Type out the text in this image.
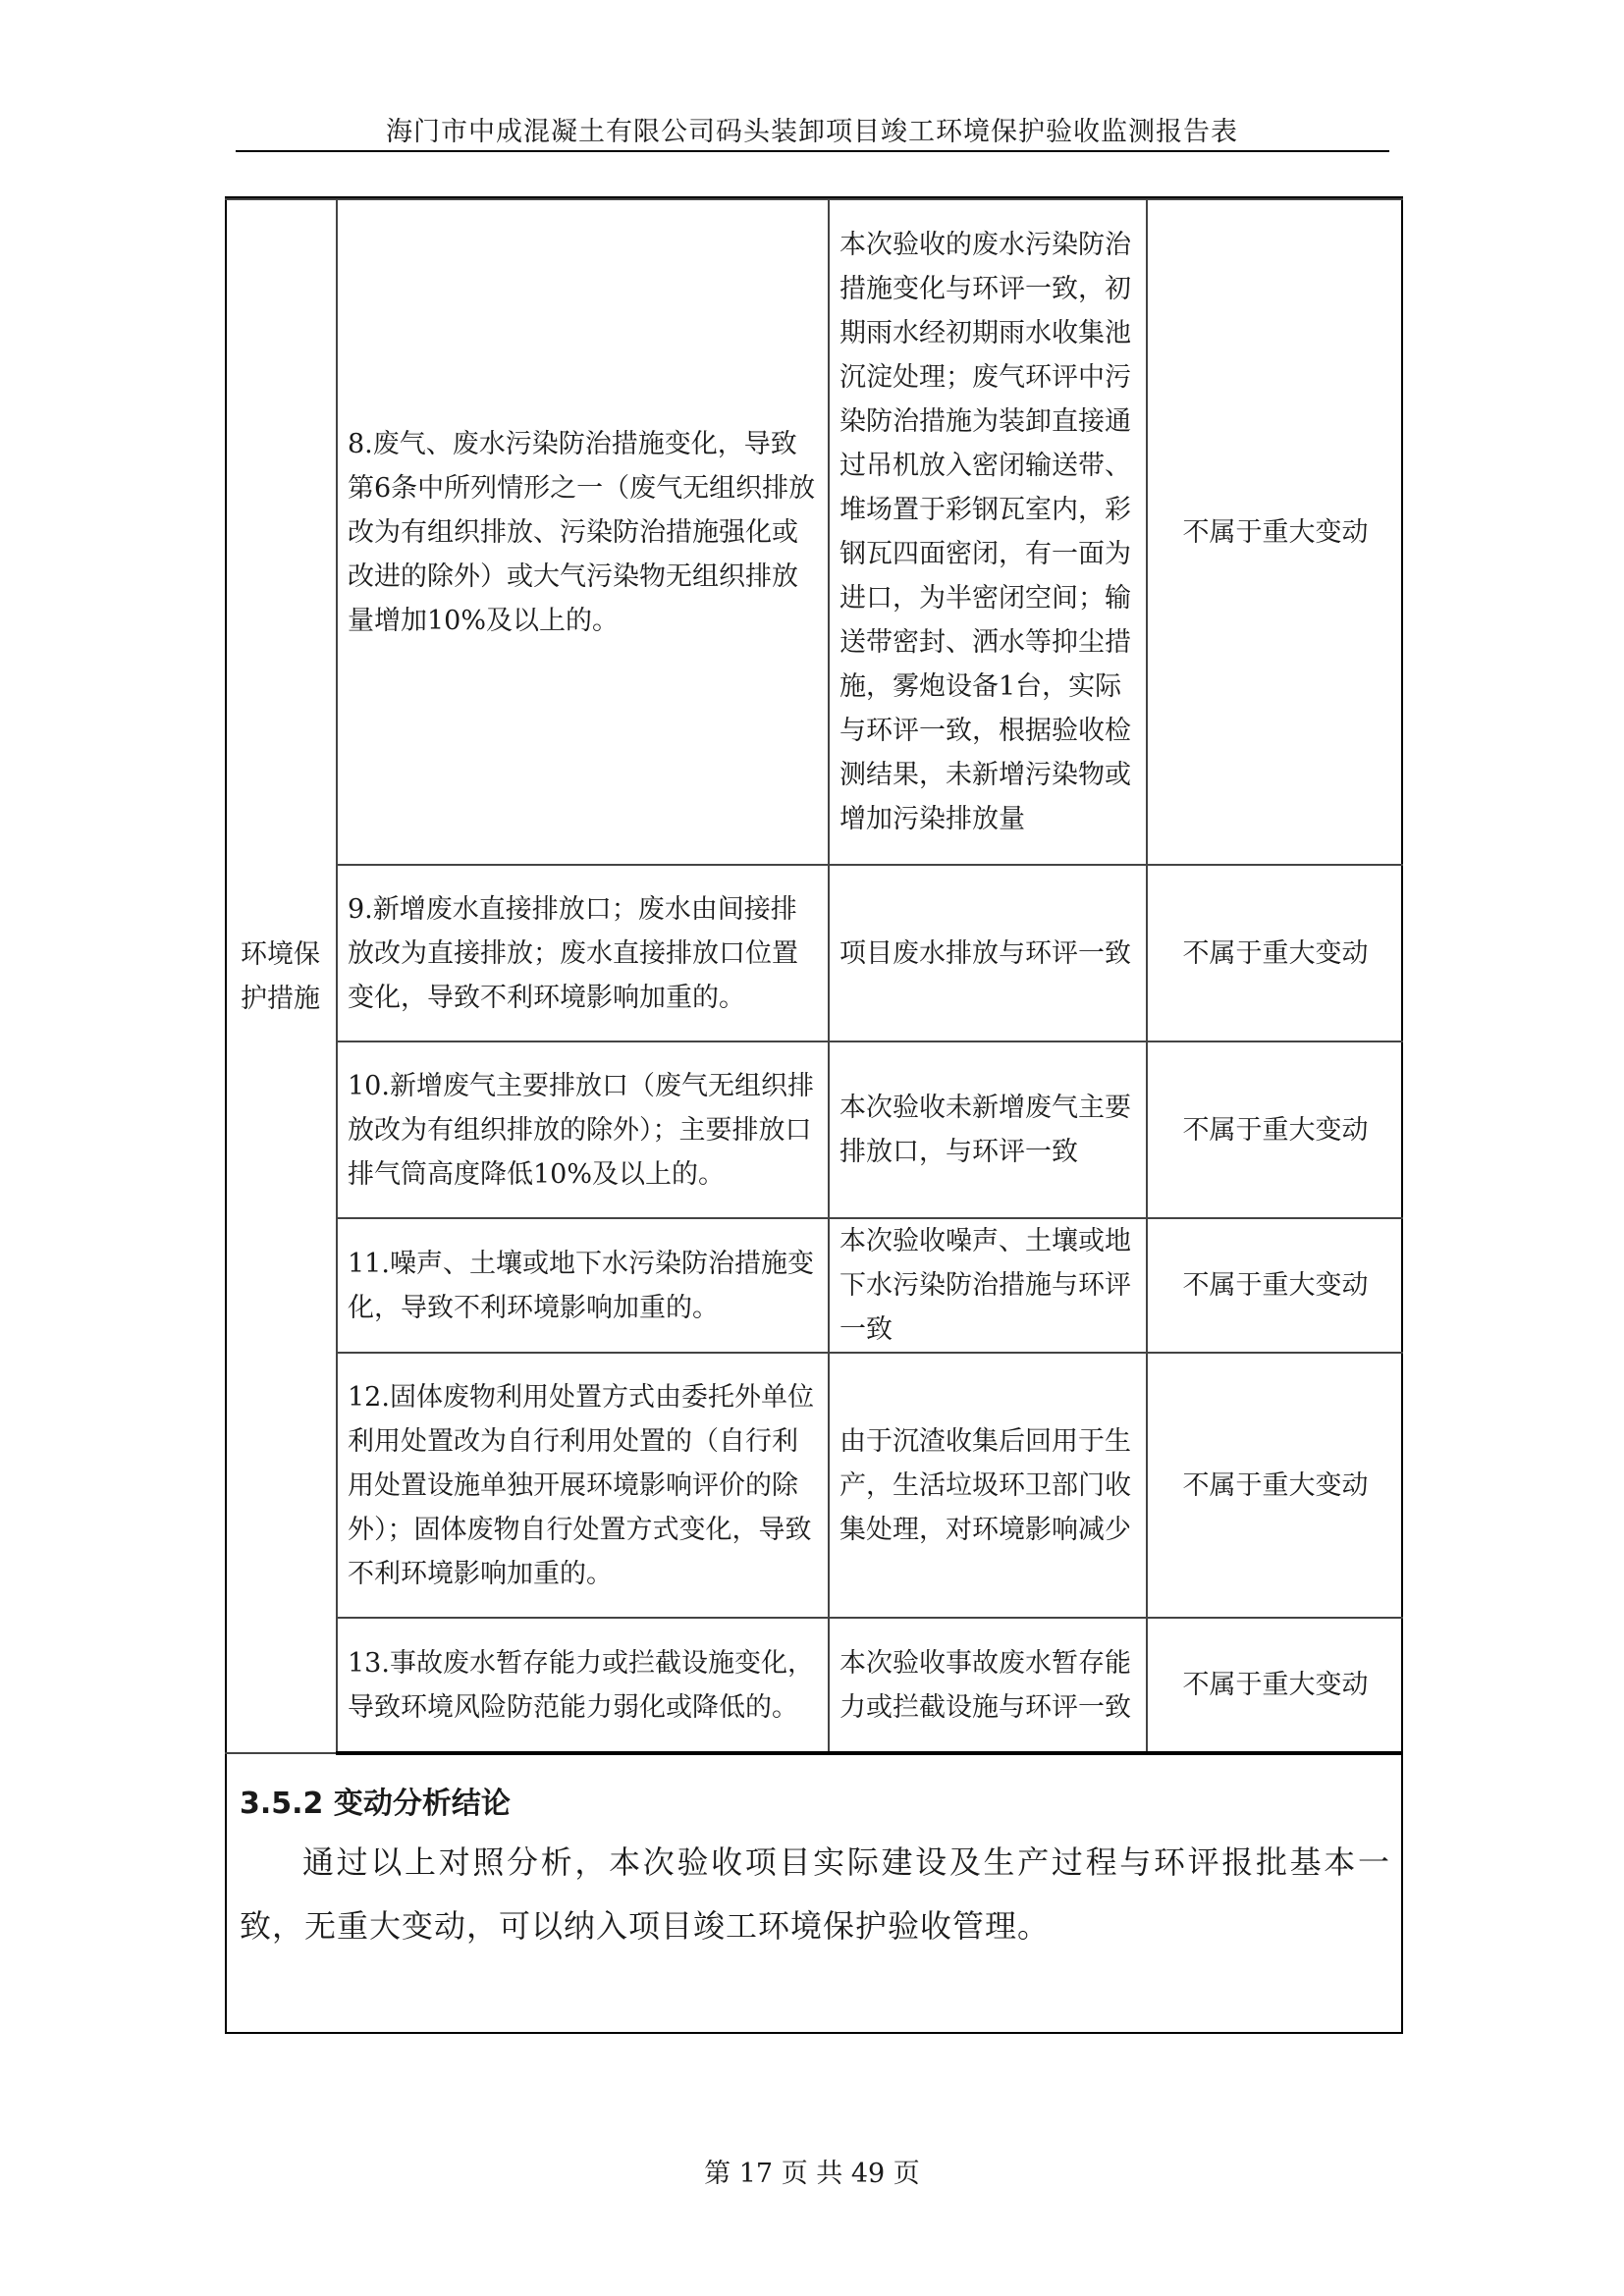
海门市中成混凝土有限公司码头装卸项目竣工环境保护验收监测报告表
环境保护措施	8.废气、废水污染防治措施变化，导致第6条中所列情形之一（废气无组织排放改为有组织排放、污染防治措施强化或改进的除外）或大气污染物无组织排放量增加10%及以上的。	本次验收的废水污染防治措施变化与环评一致，初期雨水经初期雨水收集池沉淀处理；废气环评中污染防治措施为装卸直接通过吊机放入密闭输送带、堆场置于彩钢瓦室内，彩钢瓦四面密闭，有一面为进口，为半密闭空间；输送带密封、洒水等抑尘措施，雾炮设备1台，实际与环评一致，根据验收检测结果，未新增污染物或增加污染排放量	不属于重大变动
	9.新增废水直接排放口；废水由间接排放改为直接排放；废水直接排放口位置变化，导致不利环境影响加重的。	项目废水排放与环评一致	不属于重大变动
	10.新增废气主要排放口（废气无组织排放改为有组织排放的除外）；主要排放口排气筒高度降低10%及以上的。	本次验收未新增废气主要排放口，与环评一致	不属于重大变动
	11.噪声、土壤或地下水污染防治措施变化，导致不利环境影响加重的。	本次验收噪声、土壤或地下水污染防治措施与环评一致	不属于重大变动
	12.固体废物利用处置方式由委托外单位利用处置改为自行利用处置的（自行利用处置设施单独开展环境影响评价的除外）；固体废物自行处置方式变化，导致不利环境影响加重的。	由于沉渣收集后回用于生产，生活垃圾环卫部门收集处理，对环境影响减少	不属于重大变动
	13.事故废水暂存能力或拦截设施变化，导致环境风险防范能力弱化或降低的。	本次验收事故废水暂存能力或拦截设施与环评一致	不属于重大变动
3.5.2 变动分析结论
通过以上对照分析，本次验收项目实际建设及生产过程与环评报批基本一致，无重大变动，可以纳入项目竣工环境保护验收管理。
第 17 页 共 49 页
